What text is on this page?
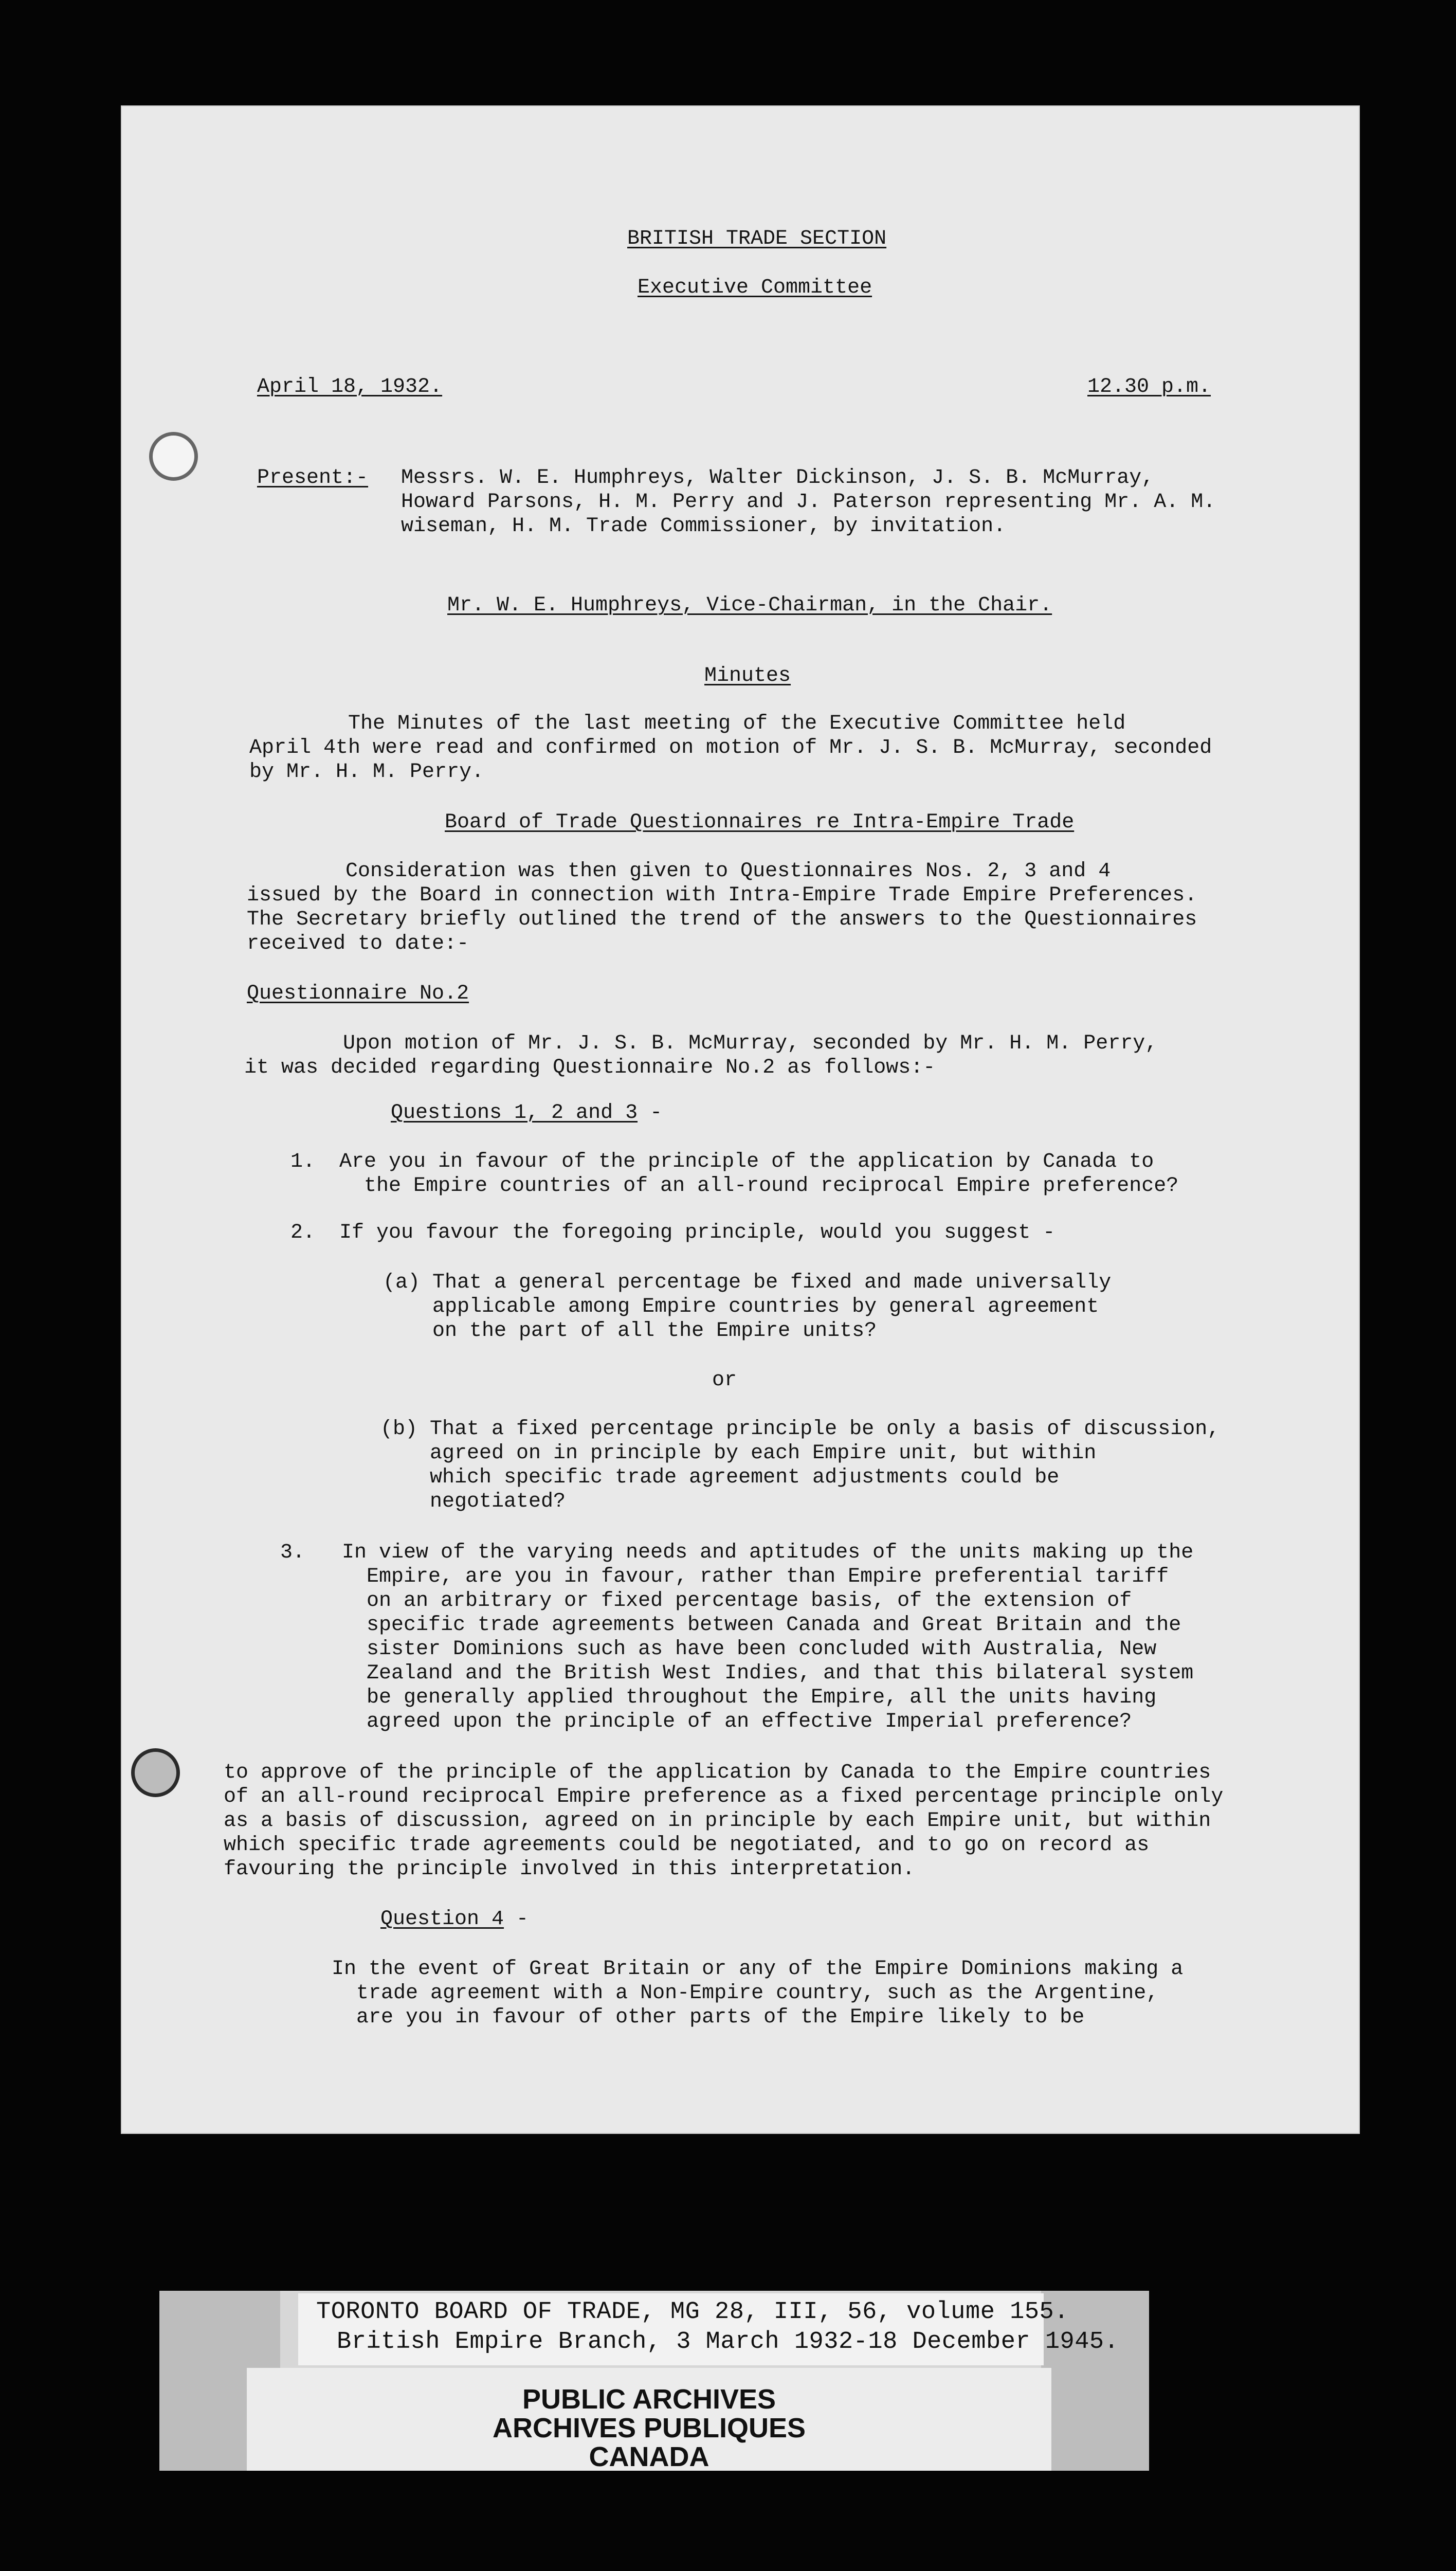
BRITISH TRADE SECTION

Executive Committee

April 18, 1932.	12.30 p.m.

Present:- Messrs. W. E. Humphreys, Walter Dickinson, J. S. B. McMurray,

Howard Parsons, H. M. Perry and J. Paterson representing Mr. A. M.

wiseman, H. M. Trade Commissioner, by invitation.

Mr. W. E. Humphreys, Vice-Chairman, in the Chair.

Minutes

The Minutes of the last meeting of the Executive Committee held

April 4th were read and confirmed on motion of Mr. J. S. B. McMurray, seconded

by Mr. H. M. Perry.

Board of Trade Questionnaires re Intra-Empire Trade

Consideration was then given to Questionnaires Nos. 2, 3 and 4

issued by the Board in connection with Intra-Empire Trade Empire Preferences.

The Secretary briefly outlined the trend of the answers to the Questionnaires

received to date:-

Questionnaire No.2

Upon motion of Mr. J. S. B. McMurray, seconded by Mr. H. M. Perry,

it was decided regarding Questionnaire No.2 as follows:-

Questions 1, 2 and 3 -

1. Are you in favour of the principle of the application by Canada to

the Empire countries of an all-round reciprocal Empire preference?

2. If you favour the foregoing principle, would you suggest -

(a) That a general percentage be fixed and made universally

applicable among Empire countries by general agreement

on the part of all the Empire units?

or

(b) That a fixed percentage principle be only a basis of discussion,

agreed on in principle by each Empire unit, but within

which specific trade agreement adjustments could be

negotiated?

3. In view of the varying needs and aptitudes of the units making up the

Empire, are you in favour, rather than Empire preferential tariff

on an arbitrary or fixed percentage basis, of the extension of

specific trade agreements between Canada and Great Britain and the

sister Dominions such as have been concluded with Australia, New

Zealand and the British West Indies, and that this bilateral system

be generally applied throughout the Empire, all the units having

agreed upon the principle of an effective Imperial preference?

to approve of the principle of the application by Canada to the Empire countries

of an all-round reciprocal Empire preference as a fixed percentage principle only

as a basis of discussion, agreed on in principle by each Empire unit, but within

which specific trade agreements could be negotiated, and to go on record as

favouring the principle involved in this interpretation.

Question 4 -

In the event of Great Britain or any of the Empire Dominions making a

trade agreement with a Non-Empire country, such as the Argentine,

are you in favour of other parts of the Empire likely to be

TORONTO BOARD OF TRADE, MG 28, III, 56, volume 155.

British Empire Branch, 3 March 1932-18 December 1945.

PUBLIC ARCHIVES

ARCHIVES PUBLIQUES

CANADA
